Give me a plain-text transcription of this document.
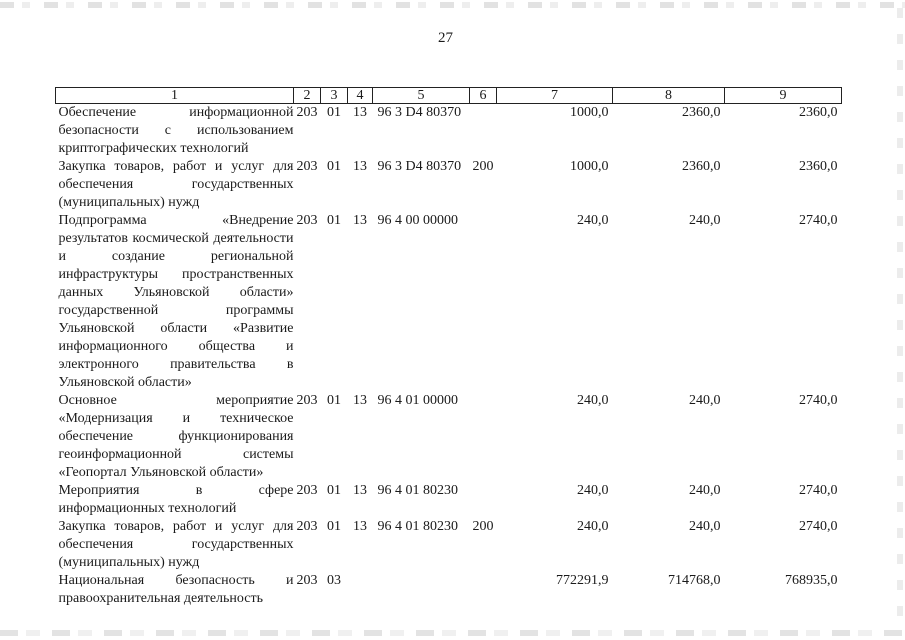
27
1	2	3	4	5	6	7	8	9
Обеспечение информационной безопасности с использованием криптографических технологий	203	01	13	96 3 D4 80370		1000,0	2360,0	2360,0
Закупка товаров, работ и услуг для обеспечения государственных (муниципальных) нужд	203	01	13	96 3 D4 80370	200	1000,0	2360,0	2360,0
Подпрограмма «Внедрение результатов космической деятельности и создание региональной инфраструктуры пространственных данных Ульяновской области» государственной программы Ульяновской области «Развитие информационного общества и электронного правительства в Ульяновской области»	203	01	13	96 4 00 00000		240,0	240,0	2740,0
Основное мероприятие «Модернизация и техническое обеспечение функционирования геоинформационной системы «Геопортал Ульяновской области»	203	01	13	96 4 01 00000		240,0	240,0	2740,0
Мероприятия в сфере информационных технологий	203	01	13	96 4 01 80230		240,0	240,0	2740,0
Закупка товаров, работ и услуг для обеспечения государственных (муниципальных) нужд	203	01	13	96 4 01 80230	200	240,0	240,0	2740,0
Национальная безопасность и правоохранительная деятельность	203	03				772291,9	714768,0	768935,0
